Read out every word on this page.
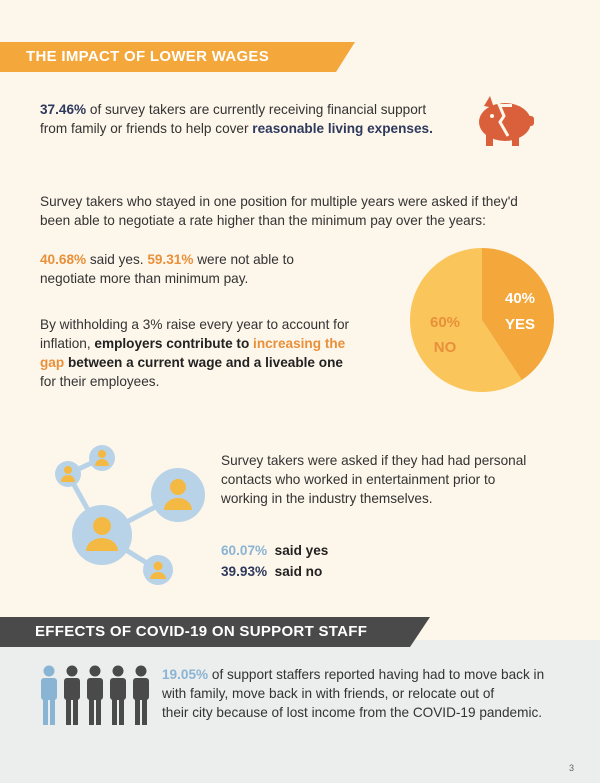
THE IMPACT OF LOWER WAGES
37.46% of survey takers are currently receiving financial support
from family or friends to help cover reasonable living expenses.
Survey takers who stayed in one position for multiple years were asked if they'd
been able to negotiate a rate higher than the minimum pay over the years:
40.68% said yes. 59.31% were not able to
negotiate more than minimum pay.
By withholding a 3% raise every year to account for
inflation, employers contribute to increasing the
gap between a current wage and a liveable one
for their employees.
40%
YES
60%
NO
Survey takers were asked if they had had personal
contacts who worked in entertainment prior to
working in the industry themselves.
60.07% said yes
39.93% said no
EFFECTS OF COVID-19 ON SUPPORT STAFF
19.05% of support staffers reported having had to move back in
with family, move back in with friends, or relocate out of
their city because of lost income from the COVID-19 pandemic.
3
